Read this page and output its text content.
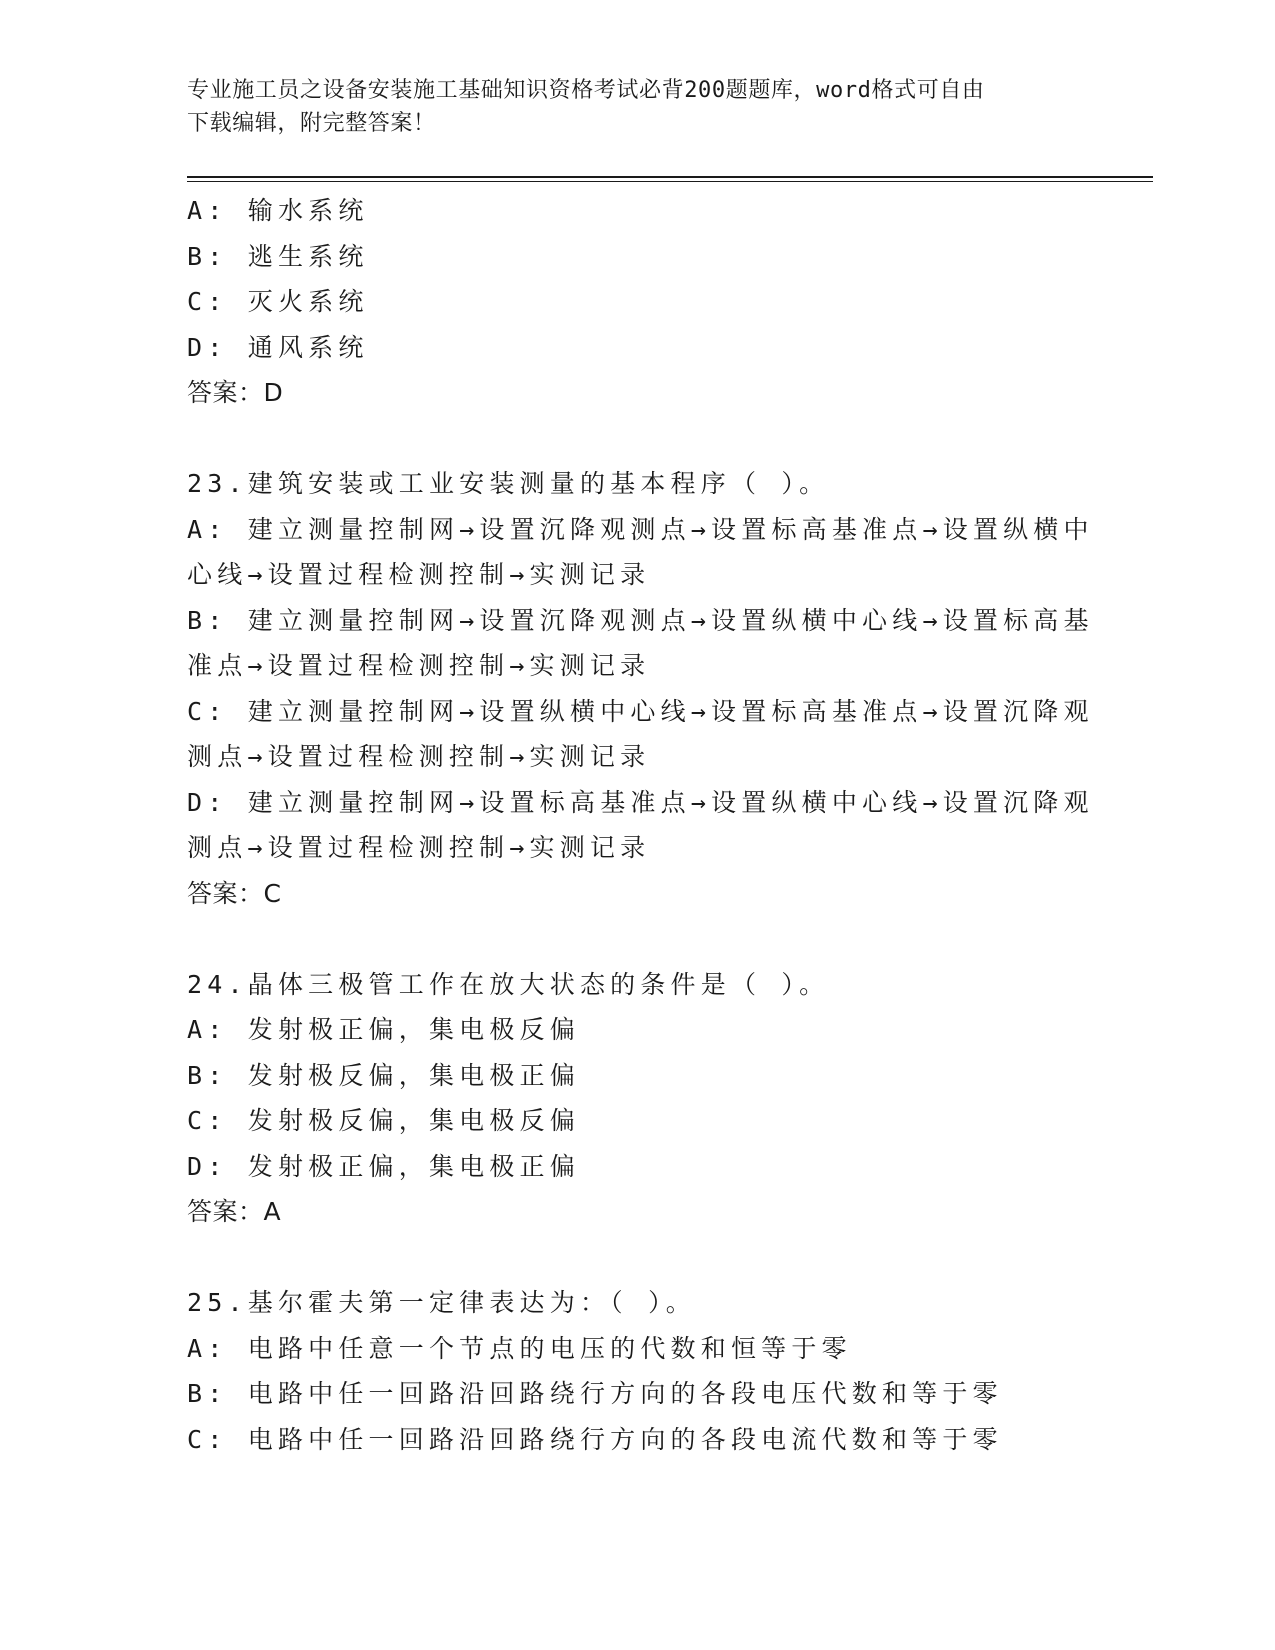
专业施工员之设备安装施工基础知识资格考试必背200题题库，word格式可自由
下载编辑，附完整答案！
A: 输水系统
B: 逃生系统
C: 灭火系统
D: 通风系统
答案：D
23.建筑安装或工业安装测量的基本程序（ ）。
A: 建立测量控制网→设置沉降观测点→设置标高基准点→设置纵横中
心线→设置过程检测控制→实测记录
B: 建立测量控制网→设置沉降观测点→设置纵横中心线→设置标高基
准点→设置过程检测控制→实测记录
C: 建立测量控制网→设置纵横中心线→设置标高基准点→设置沉降观
测点→设置过程检测控制→实测记录
D: 建立测量控制网→设置标高基准点→设置纵横中心线→设置沉降观
测点→设置过程检测控制→实测记录
答案：C
24.晶体三极管工作在放大状态的条件是（ ）。
A: 发射极正偏，集电极反偏
B: 发射极反偏，集电极正偏
C: 发射极反偏，集电极反偏
D: 发射极正偏，集电极正偏
答案：A
25.基尔霍夫第一定律表达为：（ ）。
A: 电路中任意一个节点的电压的代数和恒等于零
B: 电路中任一回路沿回路绕行方向的各段电压代数和等于零
C: 电路中任一回路沿回路绕行方向的各段电流代数和等于零
